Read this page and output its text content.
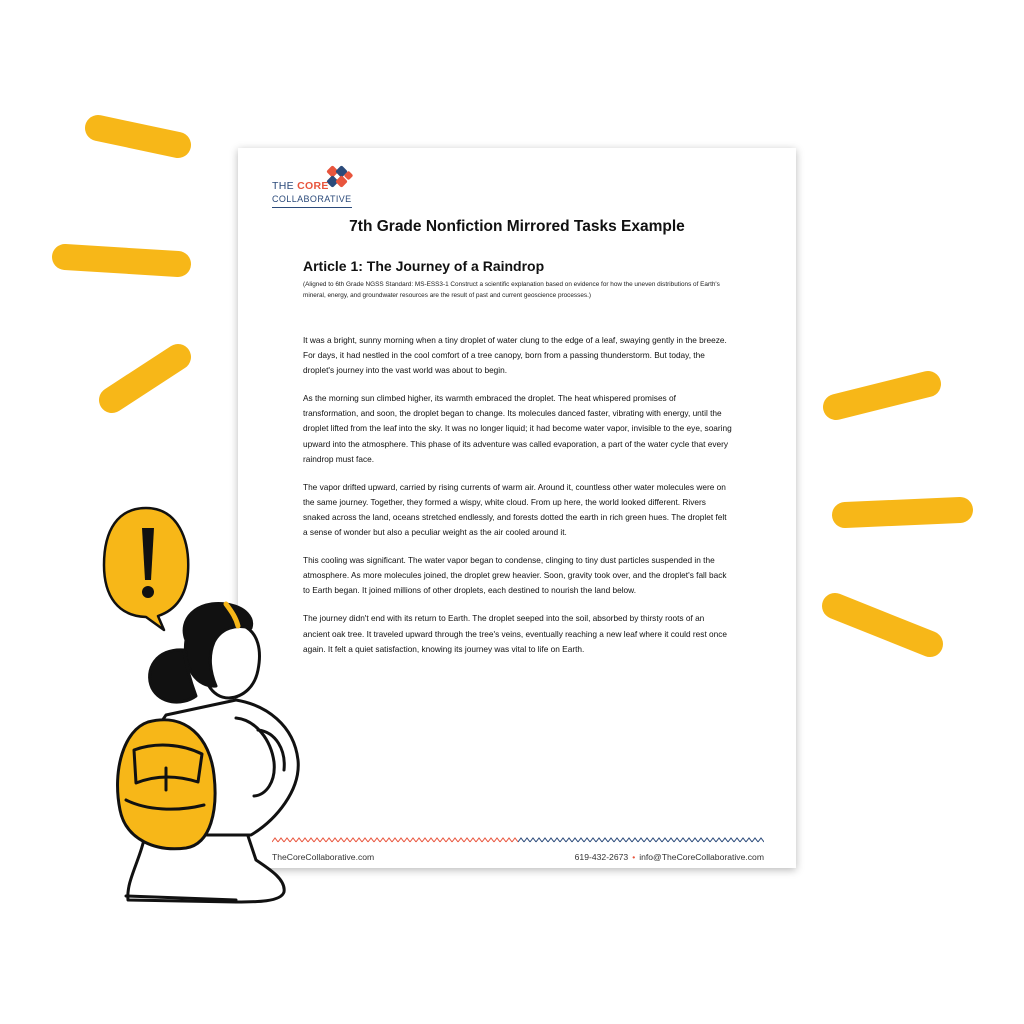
THE CORE
COLLABORATIVE
7th Grade Nonfiction Mirrored Tasks Example
Article 1: The Journey of a Raindrop
(Aligned to 6th Grade NGSS Standard: MS-ESS3-1 Construct a scientific explanation based on evidence for how the uneven distributions of Earth's mineral, energy, and groundwater resources are the result of past and current geoscience processes.)

It was a bright, sunny morning when a tiny droplet of water clung to the edge of a leaf, swaying gently in the breeze. For days, it had nestled in the cool comfort of a tree canopy, born from a passing thunderstorm. But today, the droplet's journey into the vast world was about to begin.

As the morning sun climbed higher, its warmth embraced the droplet. The heat whispered promises of transformation, and soon, the droplet began to change. Its molecules danced faster, vibrating with energy, until the droplet lifted from the leaf into the sky. It was no longer liquid; it had become water vapor, invisible to the eye, soaring upward into the atmosphere. This phase of its adventure was called evaporation, a part of the water cycle that every raindrop must face.

The vapor drifted upward, carried by rising currents of warm air. Around it, countless other water molecules were on the same journey. Together, they formed a wispy, white cloud. From up here, the world looked different. Rivers snaked across the land, oceans stretched endlessly, and forests dotted the earth in rich green hues. The droplet felt a sense of wonder but also a peculiar weight as the air cooled around it.

This cooling was significant. The water vapor began to condense, clinging to tiny dust particles suspended in the atmosphere. As more molecules joined, the droplet grew heavier. Soon, gravity took over, and the droplet's fall back to Earth began. It joined millions of other droplets, each destined to nourish the land below.

The journey didn't end with its return to Earth. The droplet seeped into the soil, absorbed by thirsty roots of an ancient oak tree. It traveled upward through the tree's veins, eventually reaching a new leaf where it could rest once again. It felt a quiet satisfaction, knowing its journey was vital to life on Earth.

TheCoreCollaborative.com	619-432-2673 • info@TheCoreCollaborative.com
